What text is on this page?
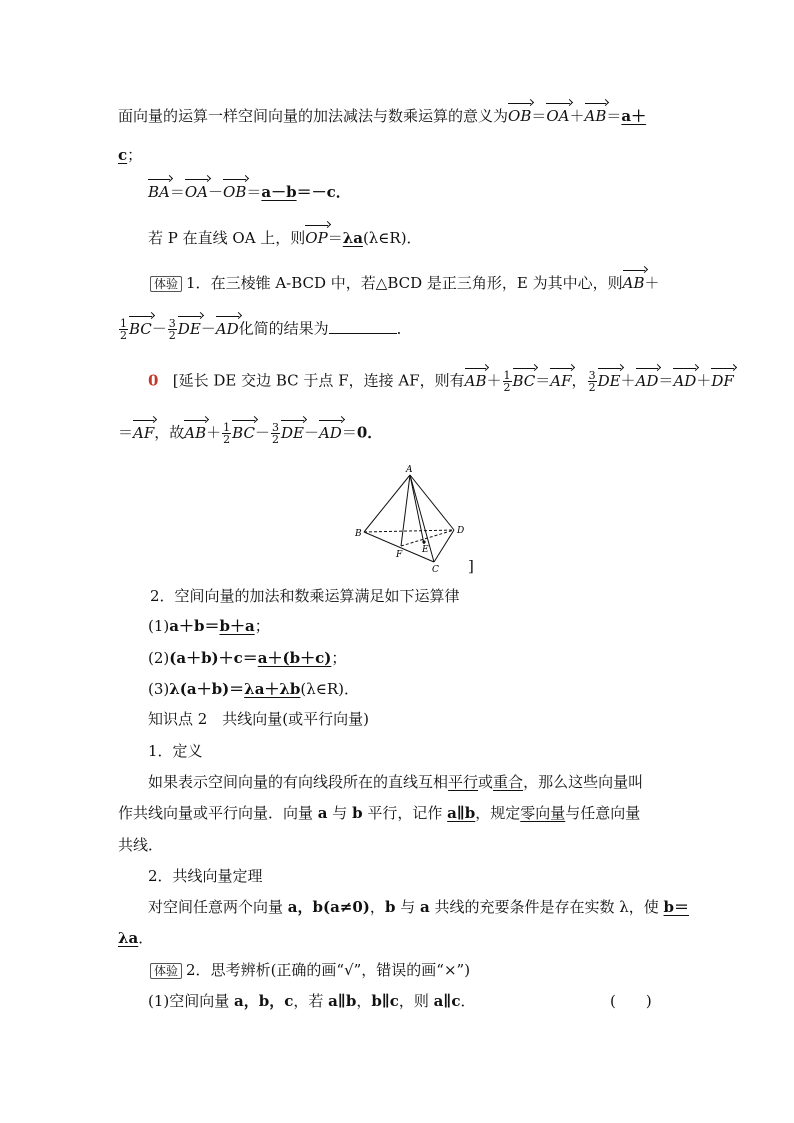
面向量的运算一样空间向量的加法减法与数乘运算的意义为OB＝OA＋AB＝a＋
c；
BA＝OA－OB＝a－b＝－c．
若 P 在直线 OA 上，则OP＝λa(λ∈R)．
体验 1．在三棱锥 A-BCD 中，若△BCD 是正三角形，E 为其中心，则AB＋
$\frac{1}{2} BC- \frac{3}{2} DE-AD$化简的结果为	．
0 [延长 DE 交边 BC 于点 F，连接 AF，则有$AB+ \frac{1}{2} BC=AF$， $\frac{3}{2} DE+AD=AD+DF$
＝AF，故$AB+ \frac{1}{2} BC- \frac{3}{2} DE-AD=0$．
A
B
C
D
E
F
]
2．空间向量的加法和数乘运算满足如下运算律
(1)a＋b＝b＋a；
(2)(a＋b)＋c＝a＋(b＋c)；
(3)λ(a＋b)＝λa＋λb(λ∈R)．
知识点 2　共线向量(或平行向量)
1．定义
如果表示空间向量的有向线段所在的直线互相平行或重合，那么这些向量叫
作共线向量或平行向量．向量 a 与 b 平行，记作 a∥b，规定零向量与任意向量
共线．
2．共线向量定理
对空间任意两个向量 a，b(a≠0)，b 与 a 共线的充要条件是存在实数 λ，使 b＝
λa．
体验 2．思考辨析(正确的画“√”，错误的画“×”)
(1)空间向量 a，b，c，若 a∥b，b∥c，则 a∥c．	(　　)
